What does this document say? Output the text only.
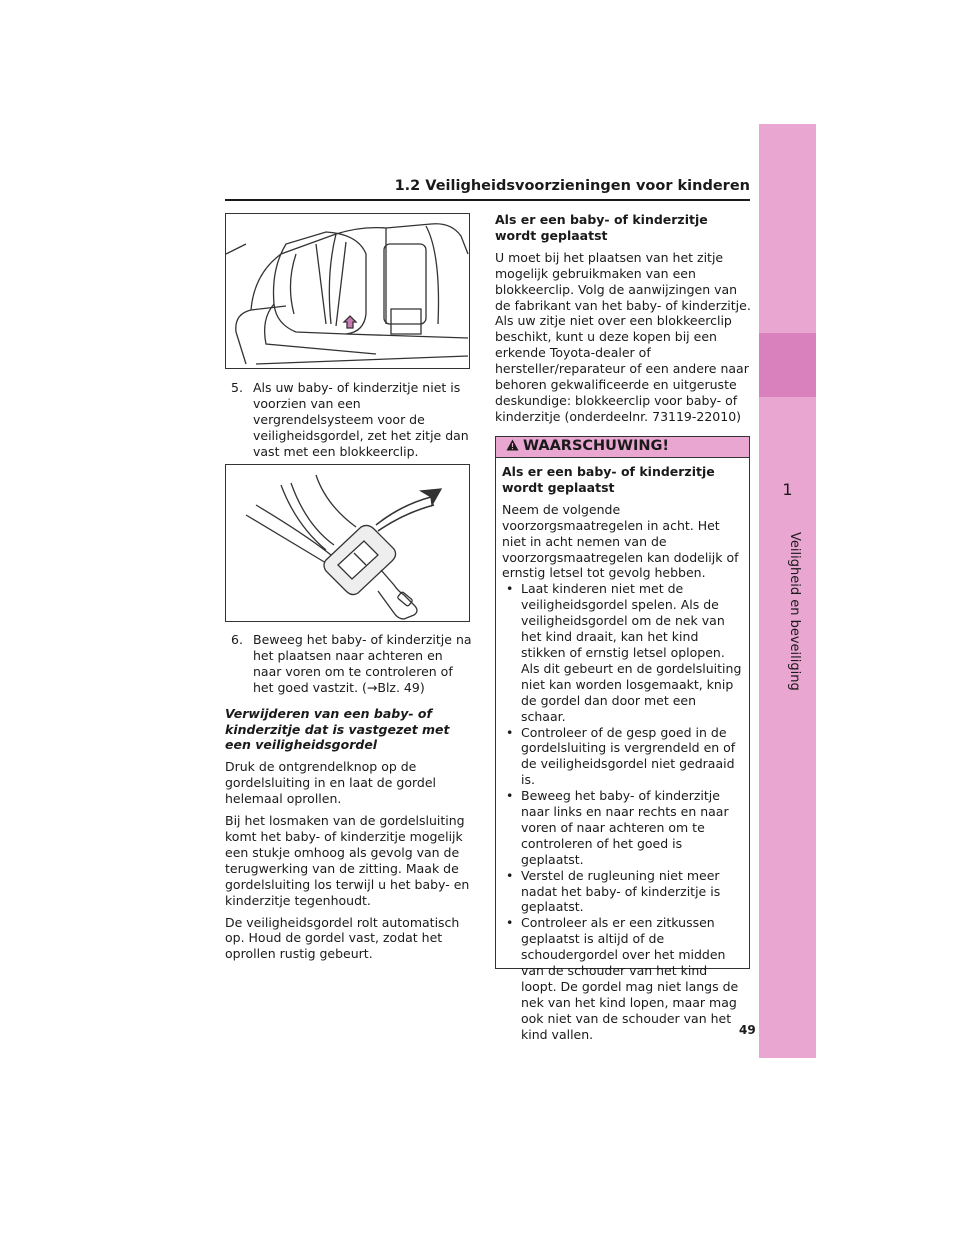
1
Veiligheid en beveiliging
1.2 Veiligheidsvoorzieningen voor kinderen
5. Als uw baby- of kinderzitje niet is voorzien van een vergrendelsysteem voor de veiligheidsgordel, zet het zitje dan vast met een blokkeerclip.
6. Beweeg het baby- of kinderzitje na het plaatsen naar achteren en naar voren om te controleren of het goed vastzit. (→Blz. 49)
Verwijderen van een baby- of kinderzitje dat is vastgezet met een veiligheidsgordel

Druk de ontgrendelknop op de gordelsluiting in en laat de gordel helemaal oprollen.

Bij het losmaken van de gordelsluiting komt het baby- of kinderzitje mogelijk een stukje omhoog als gevolg van de terugwerking van de zitting. Maak de gordelsluiting los terwijl u het baby- en kinderzitje tegenhoudt.

De veiligheidsgordel rolt automatisch op. Houd de gordel vast, zodat het oprollen rustig gebeurt.

Als er een baby- of kinderzitje wordt geplaatst

U moet bij het plaatsen van het zitje mogelijk gebruikmaken van een blokkeerclip. Volg de aanwijzingen van de fabrikant van het baby- of kinderzitje. Als uw zitje niet over een blokkeerclip beschikt, kunt u deze kopen bij een erkende Toyota-dealer of hersteller/reparateur of een andere naar behoren gekwalificeerde en uitgeruste deskundige: blokkeerclip voor baby- of kinderzitje (onderdeelnr. 73119-22010)

WAARSCHUWING!
Als er een baby- of kinderzitje wordt geplaatst

Neem de volgende voorzorgsmaatregelen in acht. Het niet in acht nemen van de voorzorgsmaatregelen kan dodelijk of ernstig letsel tot gevolg hebben.

• Laat kinderen niet met de veiligheidsgordel spelen. Als de veiligheidsgordel om de nek van het kind draait, kan het kind stikken of ernstig letsel oplopen. Als dit gebeurt en de gordelsluiting niet kan worden losgemaakt, knip de gordel dan door met een schaar.
• Controleer of de gesp goed in de gordelsluiting is vergrendeld en of de veiligheidsgordel niet gedraaid is.
• Beweeg het baby- of kinderzitje naar links en naar rechts en naar voren of naar achteren om te controleren of het goed is geplaatst.
• Verstel de rugleuning niet meer nadat het baby- of kinderzitje is geplaatst.
• Controleer als er een zitkussen geplaatst is altijd of de schoudergordel over het midden van de schouder van het kind loopt. De gordel mag niet langs de nek van het kind lopen, maar mag ook niet van de schouder van het kind vallen.	49
